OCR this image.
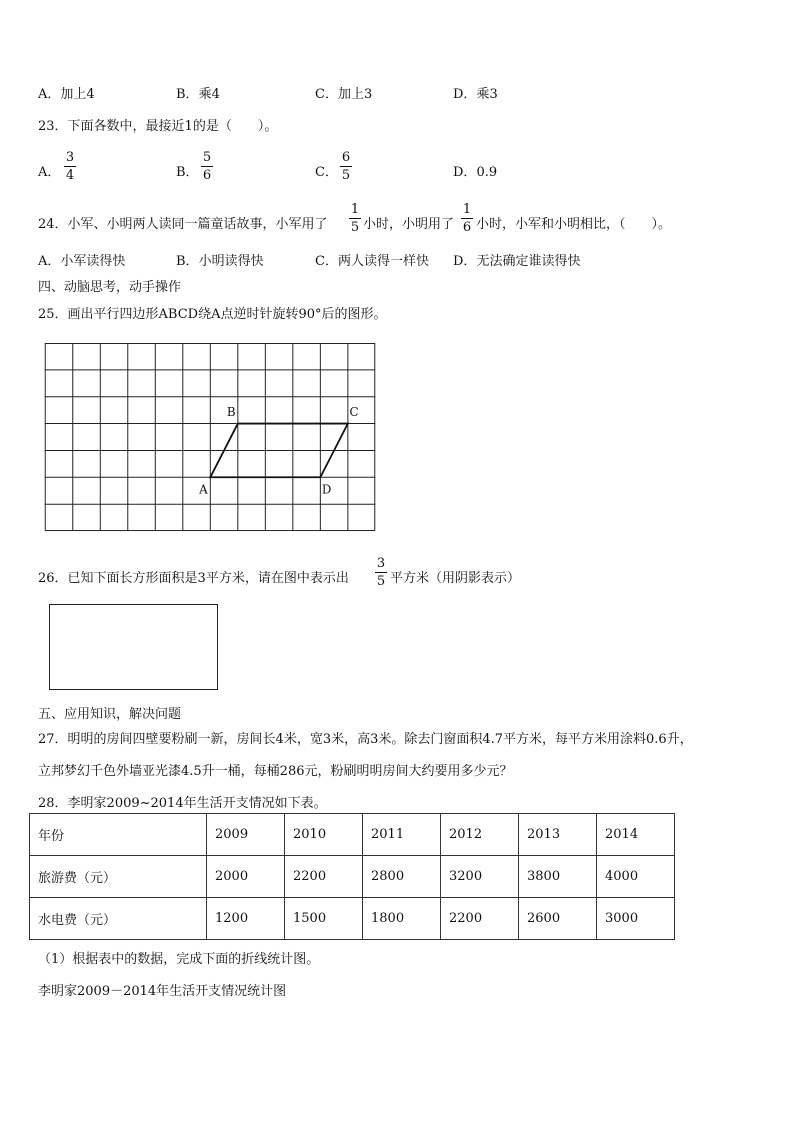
A．加上4	B．乘4	C．加上3	D．乘3
23．下面各数中，最接近1的是（　　）。
A．
3
4	B．
5
6	C．
6
5	D．0.9
24．小军、小明两人读同一篇童话故事，小军用了
1
5 小时，小明用了
1
6 小时，小军和小明相比，（　　）。
A．小军读得快	B．小明读得快	C．两人读得一样快 D．无法确定谁读得快
四、动脑思考，动手操作
25．画出平行四边形ABCD绕A点逆时针旋转90°后的图形。
A
B	C
D
26．已知下面长方形面积是3平方米，请在图中表示出
3
5 平方米（用阴影表示）
五、应用知识，解决问题
27．明明的房间四壁要粉刷一新，房间长4米，宽3米，高3米。除去门窗面积4.7平方米，每平方米用涂料0.6升，
立邦梦幻千色外墙亚光漆4.5升一桶，每桶286元，粉刷明明房间大约要用多少元？
28．李明家2009~2014年生活开支情况如下表。
年份	2009	2010	2011	2012	2013	2014
旅游费（元）	2000	2200	2800	3200	3800	4000
水电费（元）	1200	1500	1800	2200	2600	3000
（1）根据表中的数据，完成下面的折线统计图。
李明家2009－2014年生活开支情况统计图
